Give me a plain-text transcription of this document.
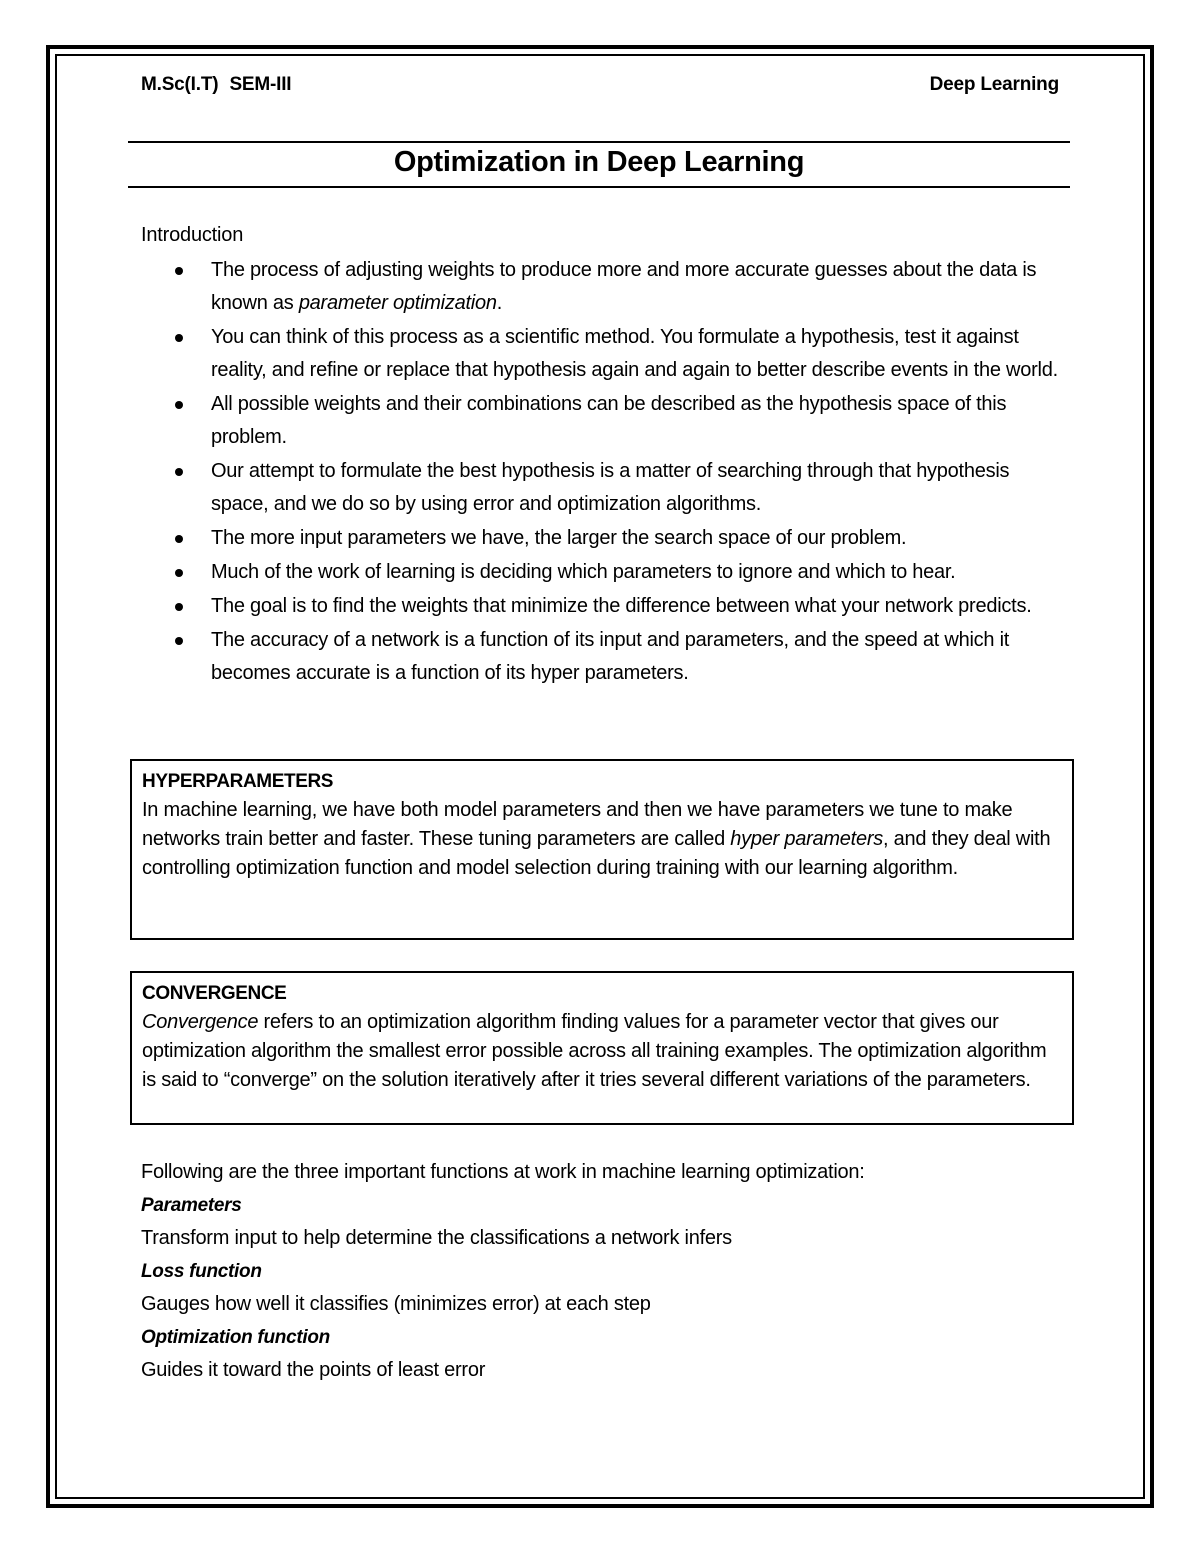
M.Sc(I.T) SEM-III	Deep Learning
Optimization in Deep Learning
Introduction
The process of adjusting weights to produce more and more accurate guesses about the data is known as parameter optimization.
You can think of this process as a scientific method. You formulate a hypothesis, test it against reality, and refine or replace that hypothesis again and again to better describe events in the world.
All possible weights and their combinations can be described as the hypothesis space of this problem.
Our attempt to formulate the best hypothesis is a matter of searching through that hypothesis space, and we do so by using error and optimization algorithms.
The more input parameters we have, the larger the search space of our problem.
Much of the work of learning is deciding which parameters to ignore and which to hear.
The goal is to find the weights that minimize the difference between what your network predicts.
The accuracy of a network is a function of its input and parameters, and the speed at which it becomes accurate is a function of its hyper parameters.
HYPERPARAMETERS
In machine learning, we have both model parameters and then we have parameters we tune to make networks train better and faster. These tuning parameters are called hyper parameters, and they deal with controlling optimization function and model selection during training with our learning algorithm.
CONVERGENCE
Convergence refers to an optimization algorithm finding values for a parameter vector that gives our optimization algorithm the smallest error possible across all training examples. The optimization algorithm is said to “converge” on the solution iteratively after it tries several different variations of the parameters.
Following are the three important functions at work in machine learning optimization:
Parameters
Transform input to help determine the classifications a network infers
Loss function
Gauges how well it classifies (minimizes error) at each step
Optimization function
Guides it toward the points of least error
